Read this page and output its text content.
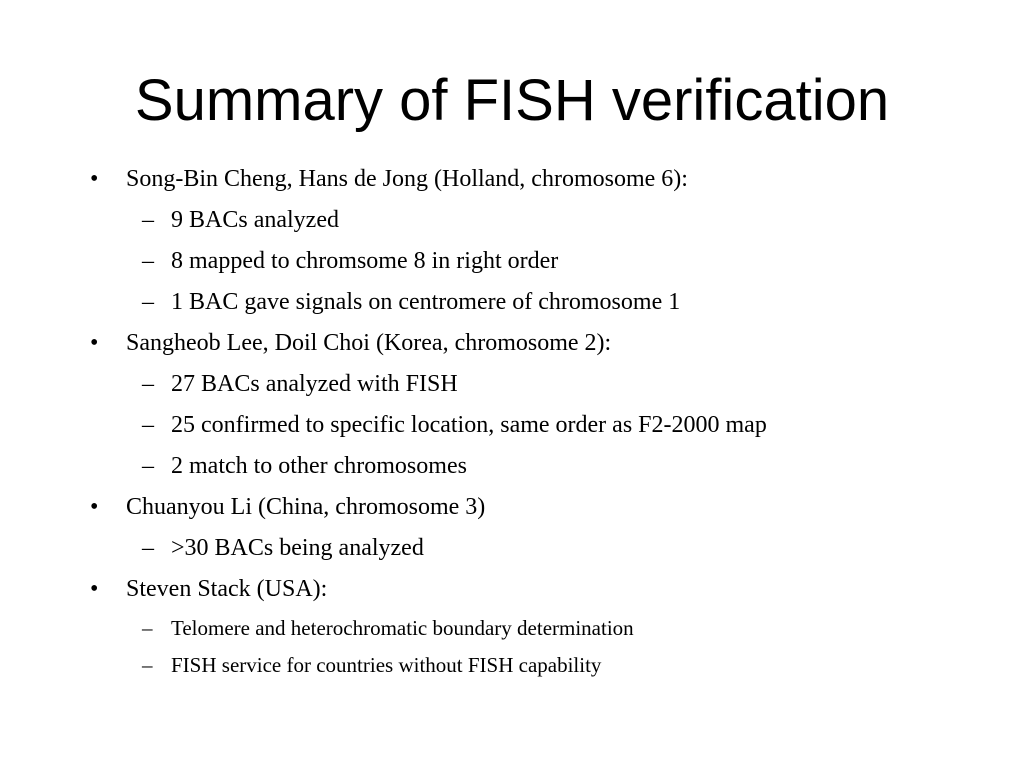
Summary of FISH verification
• Song-Bin Cheng, Hans de Jong (Holland, chromosome 6):
– 9 BACs analyzed
– 8 mapped to chromsome 8 in right order
– 1 BAC gave signals on centromere of chromosome 1
• Sangheob Lee, Doil Choi (Korea, chromosome 2):
– 27 BACs analyzed with FISH
– 25 confirmed to specific location, same order as F2-2000 map
– 2 match to other chromosomes
• Chuanyou Li (China, chromosome 3)
– >30 BACs being analyzed
• Steven Stack (USA):
– Telomere and heterochromatic boundary determination
– FISH service for countries without FISH capability
